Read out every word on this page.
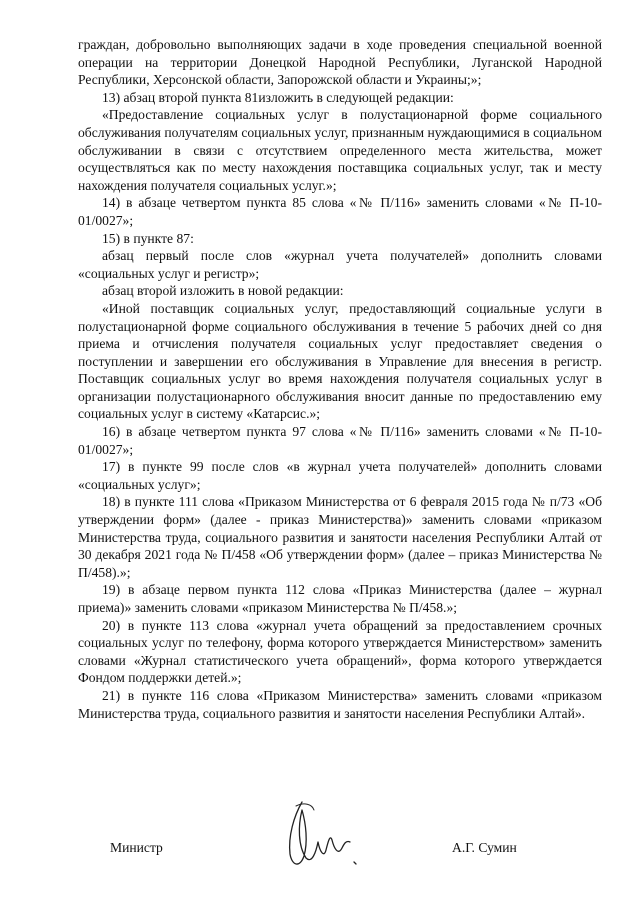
граждан, добровольно выполняющих задачи в ходе проведения специальной военной операции на территории Донецкой Народной Республики, Луганской Народной Республики, Херсонской области, Запорожской области и Украины;»;

13) абзац второй пункта 81изложить в следующей редакции:

«Предоставление социальных услуг в полустационарной форме социального обслуживания получателям социальных услуг, признанным нуждающимися в социальном обслуживании в связи с отсутствием определенного места жительства, может осуществляться как по месту нахождения поставщика социальных услуг, так и месту нахождения получателя социальных услуг.»;

14) в абзаце четвертом пункта 85 слова «№ П/116» заменить словами «№ П-10-01/0027»;

15) в пункте 87:

абзац первый после слов «журнал учета получателей» дополнить словами «социальных услуг и регистр»;

абзац второй изложить в новой редакции:

«Иной поставщик социальных услуг, предоставляющий социальные услуги в полустационарной форме социального обслуживания в течение 5 рабочих дней со дня приема и отчисления получателя социальных услуг предоставляет сведения о поступлении и завершении его обслуживания в Управление для внесения в регистр. Поставщик социальных услуг во время нахождения получателя социальных услуг в организации полустационарного обслуживания вносит данные по предоставлению ему социальных услуг в систему «Катарсис.»;

16) в абзаце четвертом пункта 97 слова «№ П/116» заменить словами «№ П-10-01/0027»;

17) в пункте 99 после слов «в журнал учета получателей» дополнить словами «социальных услуг»;

18) в пункте 111 слова «Приказом Министерства от 6 февраля 2015 года № п/73 «Об утверждении форм» (далее - приказ Министерства)» заменить словами «приказом Министерства труда, социального развития и занятости населения Республики Алтай от 30 декабря 2021 года № П/458 «Об утверждении форм» (далее – приказ Министерства № П/458).»;

19) в абзаце первом пункта 112 слова «Приказ Министерства (далее – журнал приема)» заменить словами «приказом Министерства № П/458.»;

20) в пункте 113 слова «журнал учета обращений за предоставлением срочных социальных услуг по телефону, форма которого утверждается Министерством» заменить словами «Журнал статистического учета обращений», форма которого утверждается Фондом поддержки детей.»;

21) в пункте 116 слова «Приказом Министерства» заменить словами «приказом Министерства труда, социального развития и занятости населения Республики Алтай».

Министр	А.Г. Сумин
